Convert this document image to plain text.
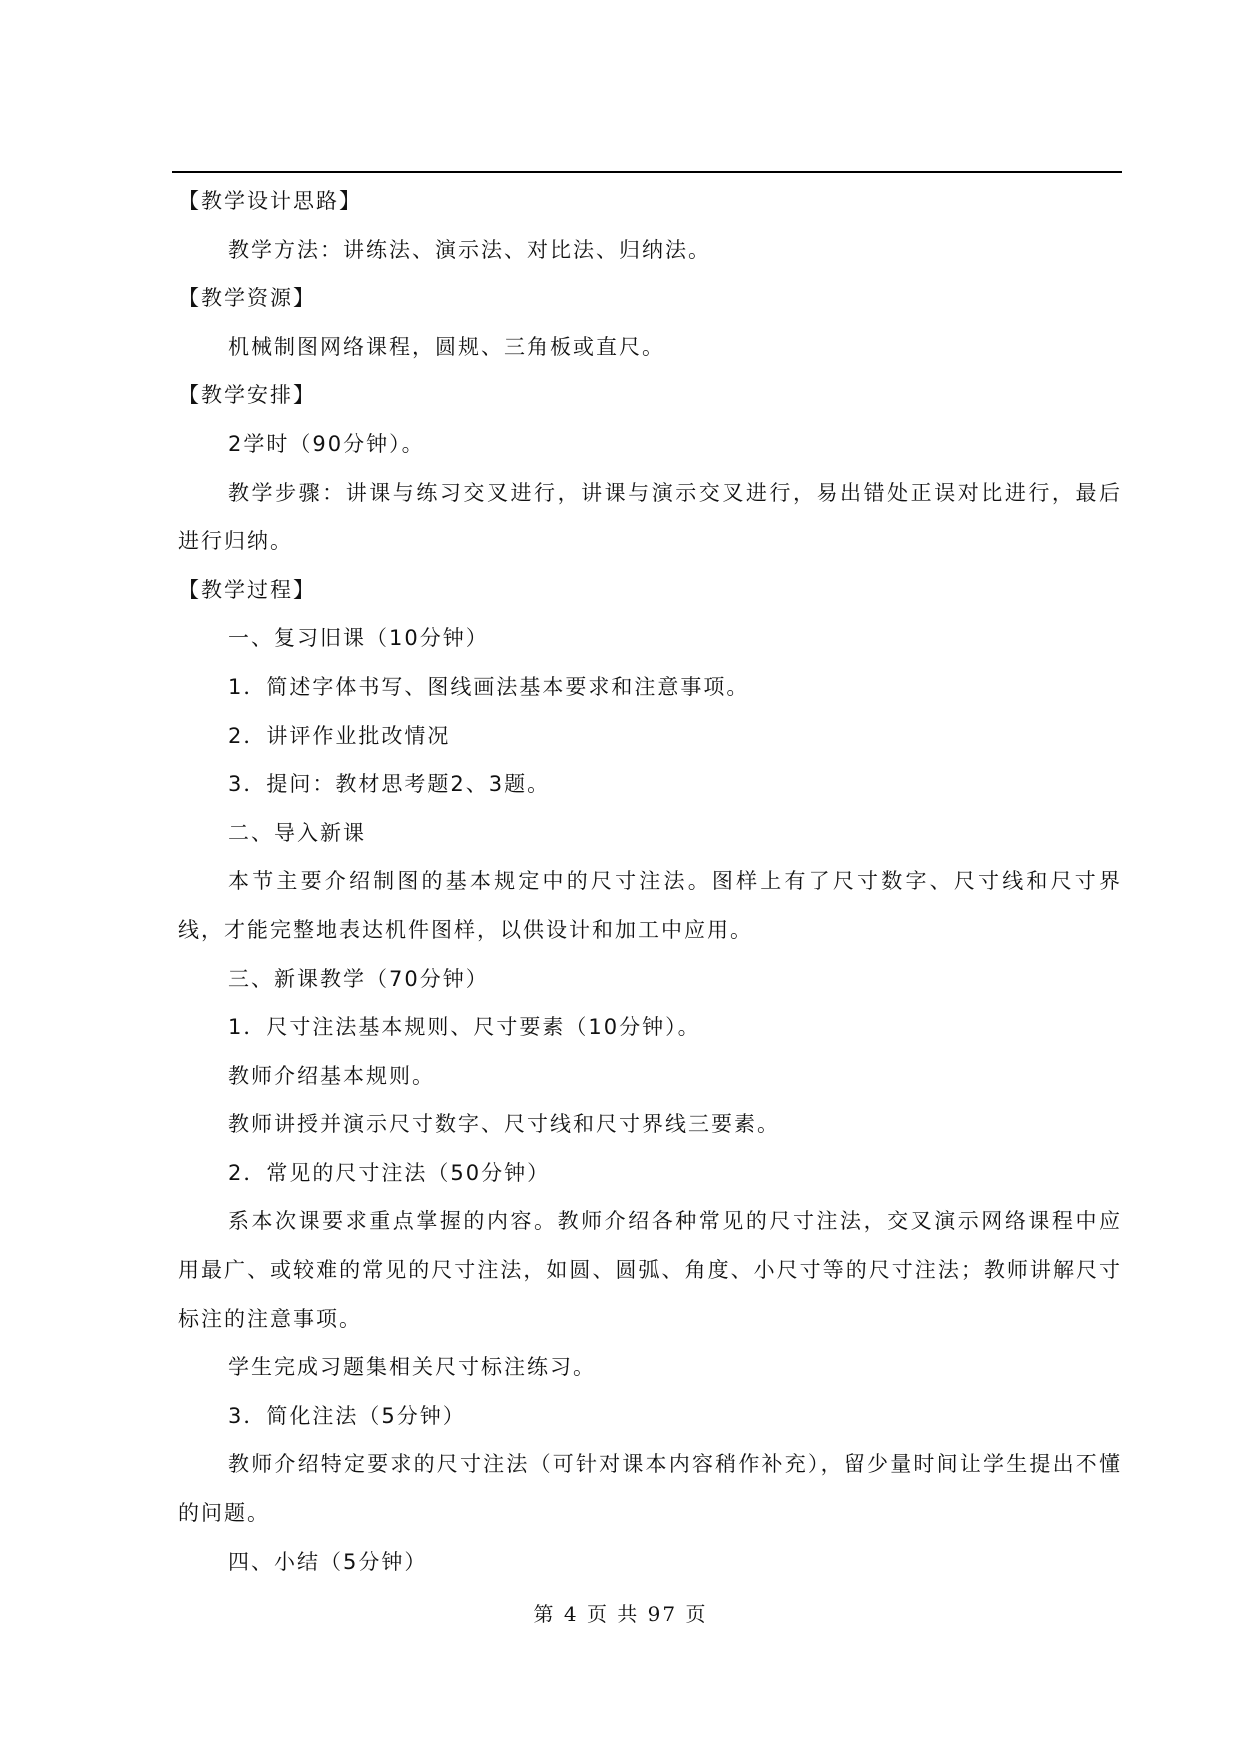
【教学设计思路】

教学方法：讲练法、演示法、对比法、归纳法。

【教学资源】

机械制图网络课程，圆规、三角板或直尺。

【教学安排】

2学时（90分钟）。

教学步骤：讲课与练习交叉进行，讲课与演示交叉进行，易出错处正误对比进行，最后进行归纳。

【教学过程】

一、复习旧课（10分钟）

1．简述字体书写、图线画法基本要求和注意事项。

2．讲评作业批改情况

3．提问：教材思考题2、3题。

二、导入新课

本节主要介绍制图的基本规定中的尺寸注法。图样上有了尺寸数字、尺寸线和尺寸界线，才能完整地表达机件图样，以供设计和加工中应用。

三、新课教学（70分钟）

1．尺寸注法基本规则、尺寸要素（10分钟）。

教师介绍基本规则。

教师讲授并演示尺寸数字、尺寸线和尺寸界线三要素。

2．常见的尺寸注法（50分钟）

系本次课要求重点掌握的内容。教师介绍各种常见的尺寸注法，交叉演示网络课程中应用最广、或较难的常见的尺寸注法，如圆、圆弧、角度、小尺寸等的尺寸注法；教师讲解尺寸标注的注意事项。

学生完成习题集相关尺寸标注练习。

3．简化注法（5分钟）

教师介绍特定要求的尺寸注法（可针对课本内容稍作补充），留少量时间让学生提出不懂的问题。

四、小结（5分钟）

第 4 页 共 97 页
